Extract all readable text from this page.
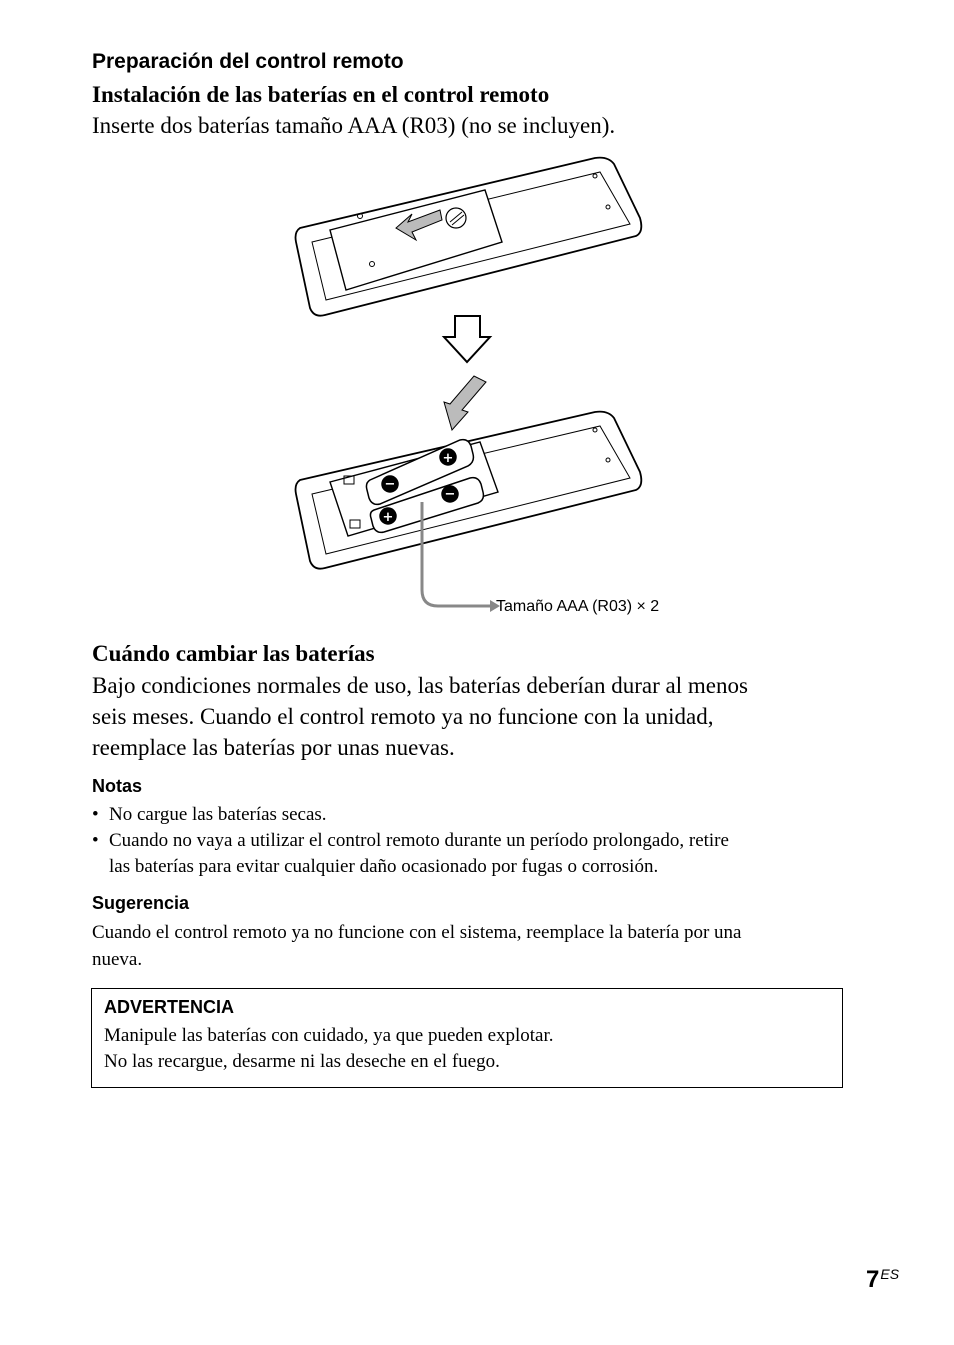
Preparación del control remoto
Instalación de las baterías en el control remoto
Inserte dos baterías tamaño AAA (R03) (no se incluyen).
+
−
+
−
Tamaño AAA (R03) × 2
Cuándo cambiar las baterías
Bajo condiciones normales de uso, las baterías deberían durar al menos
seis meses. Cuando el control remoto ya no funcione con la unidad,
reemplace las baterías por unas nuevas.
Notas
• No cargue las baterías secas.
• Cuando no vaya a utilizar el control remoto durante un período prolongado, retire
las baterías para evitar cualquier daño ocasionado por fugas o corrosión.
Sugerencia
Cuando el control remoto ya no funcione con el sistema, reemplace la batería por una
nueva.
ADVERTENCIA
Manipule las baterías con cuidado, ya que pueden explotar.
No las recargue, desarme ni las deseche en el fuego.
$7^{ES}$
